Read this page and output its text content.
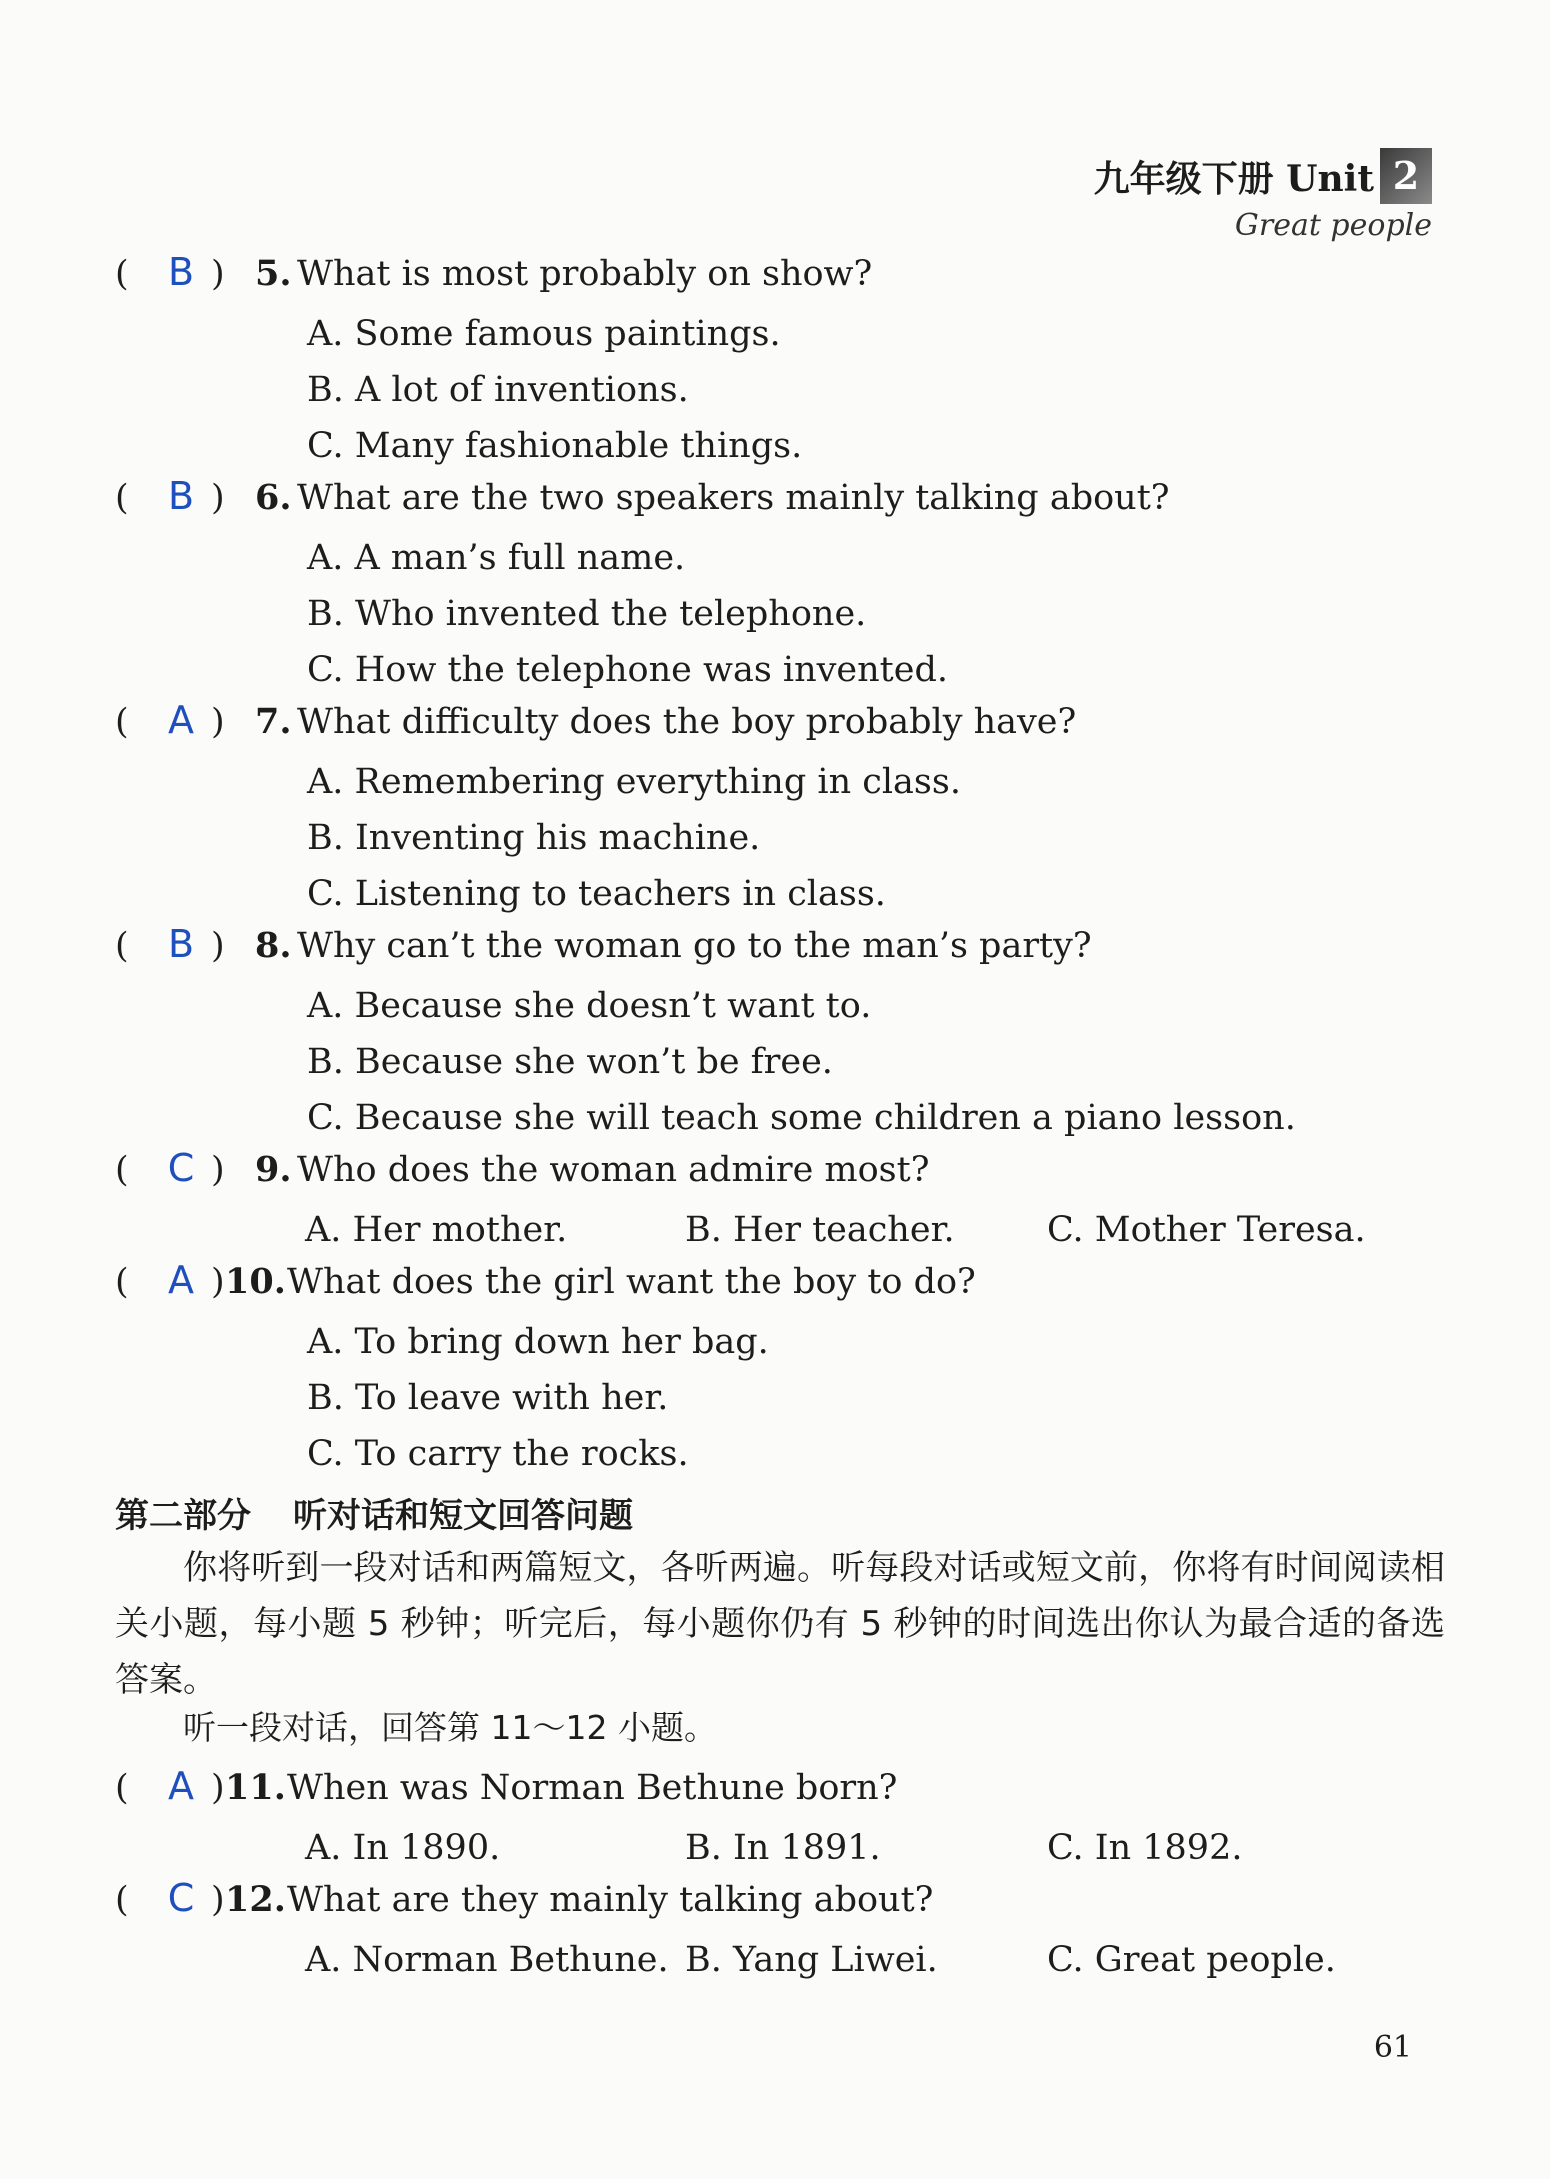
九年级下册 Unit 2
Great people
(	B ) 5. What is most probably on show?
A. Some famous paintings.
B. A lot of inventions.
C. Many fashionable things.
(	B ) 6. What are the two speakers mainly talking about?
A. A man’s full name.
B. Who invented the telephone.
C. How the telephone was invented.
(	A ) 7. What difficulty does the boy probably have?
A. Remembering everything in class.
B. Inventing his machine.
C. Listening to teachers in class.
(	B ) 8. Why can’t the woman go to the man’s party?
A. Because she doesn’t want to.
B. Because she won’t be free.
C. Because she will teach some children a piano lesson.
(	C ) 9. Who does the woman admire most?
A. Her mother.	B. Her teacher.	C. Mother Teresa.
(	A ) 10. What does the girl want the boy to do?
A. To bring down her bag.
B. To leave with her.
C. To carry the rocks.
第二部分 听对话和短文回答问题
你将听到一段对话和两篇短文，各听两遍。听每段对话或短文前，你将有时间阅读相关小题，每小题 5 秒钟；听完后，每小题你仍有 5 秒钟的时间选出你认为最合适的备选答案。
听一段对话，回答第 11～12 小题。
(	A ) 11. When was Norman Bethune born?
A. In 1890.	B. In 1891.	C. In 1892.
(	C ) 12. What are they mainly talking about?
A. Norman Bethune. B. Yang Liwei.	C. Great people.
61
